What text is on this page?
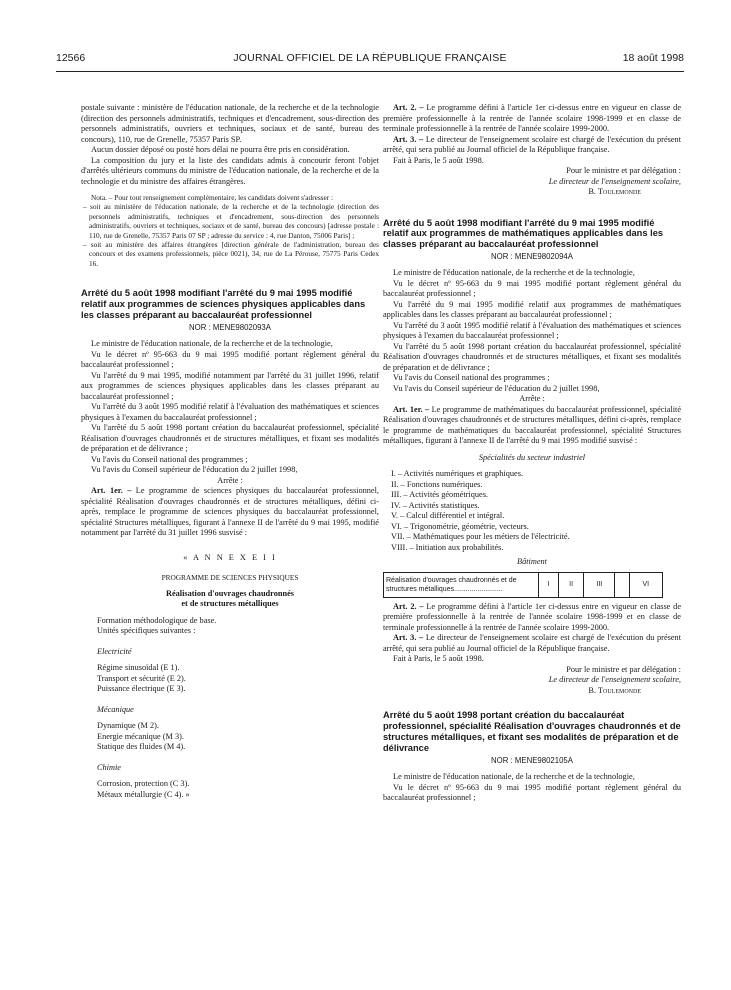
12566	JOURNAL OFFICIEL DE LA RÉPUBLIQUE FRANÇAISE	18 août 1998

postale suivante : ministère de l'éducation nationale, de la recherche et de la technologie (direction des personnels administratifs, techniques et d'encadrement, sous-direction des personnels administratifs, ouvriers et techniques, sociaux et de santé, bureau des concours), 110, rue de Grenelle, 75357 Paris SP.

Aucun dossier déposé ou posté hors délai ne pourra être pris en considération.

La composition du jury et la liste des candidats admis à concourir feront l'objet d'arrêtés ultérieurs communs du ministre de l'éducation nationale, de la recherche et de la technologie et du ministre des affaires étrangères.

Nota. – Pour tout renseignement complémentaire, les candidats doivent s'adresser :

– soit au ministère de l'éducation nationale, de la recherche et de la technologie (direction des personnels administratifs, techniques et d'encadrement, sous-direction des personnels administratifs, ouvriers et techniques, sociaux et de santé, bureau des concours) [adresse postale : 110, rue de Grenelle, 75357 Paris 07 SP ; adresse du service : 4, rue Danton, 75006 Paris] ;

– soit au ministère des affaires étrangères [direction générale de l'administration, bureau des concours et des examens professionnels, pièce 0021), 34, rue de La Pérouse, 75775 Paris Cedex 16.

Arrêté du 5 août 1998 modifiant l'arrêté du 9 mai 1995 modifié relatif aux programmes de sciences physiques applicables dans les classes préparant au baccalauréat professionnel

NOR : MENE9802093A

Le ministre de l'éducation nationale, de la recherche et de la technologie,

Vu le décret nº 95-663 du 9 mai 1995 modifié portant règlement général du baccalauréat professionnel ;

Vu l'arrêté du 9 mai 1995, modifié notamment par l'arrêté du 31 juillet 1996, relatif aux programmes de sciences physiques applicables dans les classes préparant au baccalauréat professionnel ;

Vu l'arrêté du 3 août 1995 modifié relatif à l'évaluation des mathématiques et sciences physiques à l'examen du baccalauréat professionnel ;

Vu l'arrêté du 5 août 1998 portant création du baccalauréat professionnel, spécialité Réalisation d'ouvrages chaudronnés et de structures métalliques, et fixant ses modalités de préparation et de délivrance ;

Vu l'avis du Conseil national des programmes ;

Vu l'avis du Conseil supérieur de l'éducation du 2 juillet 1998,

Arrête :

Art. 1er. – Le programme de sciences physiques du baccalauréat professionnel, spécialité Réalisation d'ouvrages chaudronnés et de structures métalliques, défini ci-après, remplace le programme de sciences physiques du baccalauréat professionnel, spécialité Structures métalliques, figurant à l'annexe II de l'arrêté du 9 mai 1995, modifié notamment par l'arrêté du 31 juillet 1996 susvisé :

« A N N E X E I I

PROGRAMME DE SCIENCES PHYSIQUES

Réalisation d'ouvrages chaudronnés

et de structures métalliques

Formation méthodologique de base.

Unités spécifiques suivantes :

Electricité

Régime sinusoïdal (E 1).

Transport et sécurité (E 2).

Puissance électrique (E 3).

Mécanique

Dynamique (M 2).

Energie mécanique (M 3).

Statique des fluides (M 4).

Chimie

Corrosion, protection (C 3).

Métaux métallurgie (C 4). »

Art. 2. – Le programme défini à l'article 1er ci-dessus entre en vigueur en classe de première professionnelle à la rentrée de l'année scolaire 1998-1999 et en classe de terminale professionnelle à la rentrée de l'année scolaire 1999-2000.

Art. 3. – Le directeur de l'enseignement scolaire est chargé de l'exécution du présent arrêté, qui sera publié au Journal officiel de la République française.

Fait à Paris, le 5 août 1998.

Pour le ministre et par délégation :

Le directeur de l'enseignement scolaire,

B. Toulemonde

Arrêté du 5 août 1998 modifiant l'arrêté du 9 mai 1995 modifié relatif aux programmes de mathématiques applicables dans les classes préparant au baccalauréat professionnel

NOR : MENE9802094A

Le ministre de l'éducation nationale, de la recherche et de la technologie,

Vu le décret nº 95-663 du 9 mai 1995 modifié portant règlement général du baccalauréat professionnel ;

Vu l'arrêté du 9 mai 1995 modifié relatif aux programmes de mathématiques applicables dans les classes préparant au baccalauréat professionnel ;

Vu l'arrêté du 3 août 1995 modifié relatif à l'évaluation des mathématiques et sciences physiques à l'examen du baccalauréat professionnel ;

Vu l'arrêté du 5 août 1998 portant création du baccalauréat professionnel, spécialité Réalisation d'ouvrages chaudronnés et de structures métalliques, et fixant ses modalités de préparation et de délivrance ;

Vu l'avis du Conseil national des programmes ;

Vu l'avis du Conseil supérieur de l'éducation du 2 juillet 1998,

Arrête :

Art. 1er. – Le programme de mathématiques du baccalauréat professionnel, spécialité Réalisation d'ouvrages chaudronnés et de structures métalliques, défini ci-après, remplace le programme de mathématiques du baccalauréat professionnel, spécialité Structures métalliques, figurant à l'annexe II de l'arrêté du 9 mai 1995 modifié susvisé :

Spécialités du secteur industriel

I. – Activités numériques et graphiques.

II. – Fonctions numériques.

III. – Activités géométriques.

IV. – Activités statistiques.

V. – Calcul différentiel et intégral.

VI. – Trigonométrie, géométrie, vecteurs.

VII. – Mathématiques pour les métiers de l'électricité.

VIII. – Initiation aux probabilités.

Bâtiment

Réalisation d'ouvrages chaudronnés et de structures métalliques.........................	I	II	III		VI

Art. 2. – Le programme défini à l'article 1er ci-dessus entre en vigueur en classe de première professionnelle à la rentrée de l'année scolaire 1998-1999 et en classe de terminale professionnelle à la rentrée de l'année scolaire 1999-2000.

Art. 3. – Le directeur de l'enseignement scolaire est chargé de l'exécution du présent arrêté, qui sera publié au Journal officiel de la République française.

Fait à Paris, le 5 août 1998.

Pour le ministre et par délégation :

Le directeur de l'enseignement scolaire,

B. Toulemonde

Arrêté du 5 août 1998 portant création du baccalauréat professionnel, spécialité Réalisation d'ouvrages chaudronnés et de structures métalliques, et fixant ses modalités de préparation et de délivrance

NOR : MENE9802105A

Le ministre de l'éducation nationale, de la recherche et de la technologie,

Vu le décret nº 95-663 du 9 mai 1995 modifié portant règlement général du baccalauréat professionnel ;
